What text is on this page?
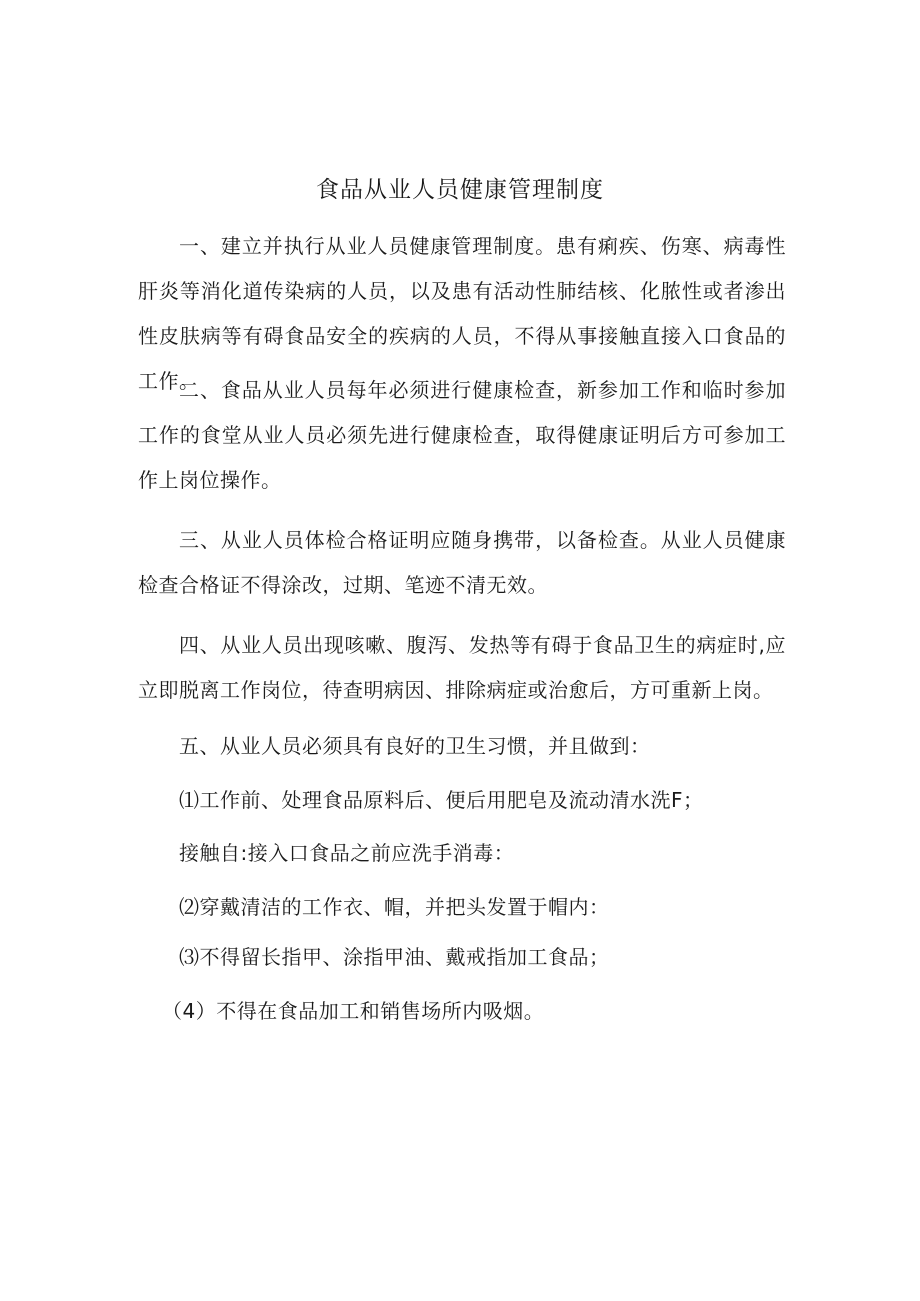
食品从业人员健康管理制度

一、建立并执行从业人员健康管理制度。患有痢疾、伤寒、病毒性肝炎等消化道传染病的人员，以及患有活动性肺结核、化脓性或者渗出性皮肤病等有碍食品安全的疾病的人员，不得从事接触直接入口食品的工作。

二、食品从业人员每年必须进行健康检查，新参加工作和临时参加工作的食堂从业人员必须先进行健康检查，取得健康证明后方可参加工作上岗位操作。

三、从业人员体检合格证明应随身携带，以备检查。从业人员健康检查合格证不得涂改，过期、笔迹不清无效。

四、从业人员出现咳嗽、腹泻、发热等有碍于食品卫生的病症时,应立即脱离工作岗位，待查明病因、排除病症或治愈后，方可重新上岗。

五、从业人员必须具有良好的卫生习惯，并且做到：

⑴工作前、处理食品原料后、便后用肥皂及流动清水洗F；

接触自:接入口食品之前应洗手消毒：

⑵穿戴清洁的工作衣、帽，并把头发置于帽内：

⑶不得留长指甲、涂指甲油、戴戒指加工食品；

（4）不得在食品加工和销售场所内吸烟。
